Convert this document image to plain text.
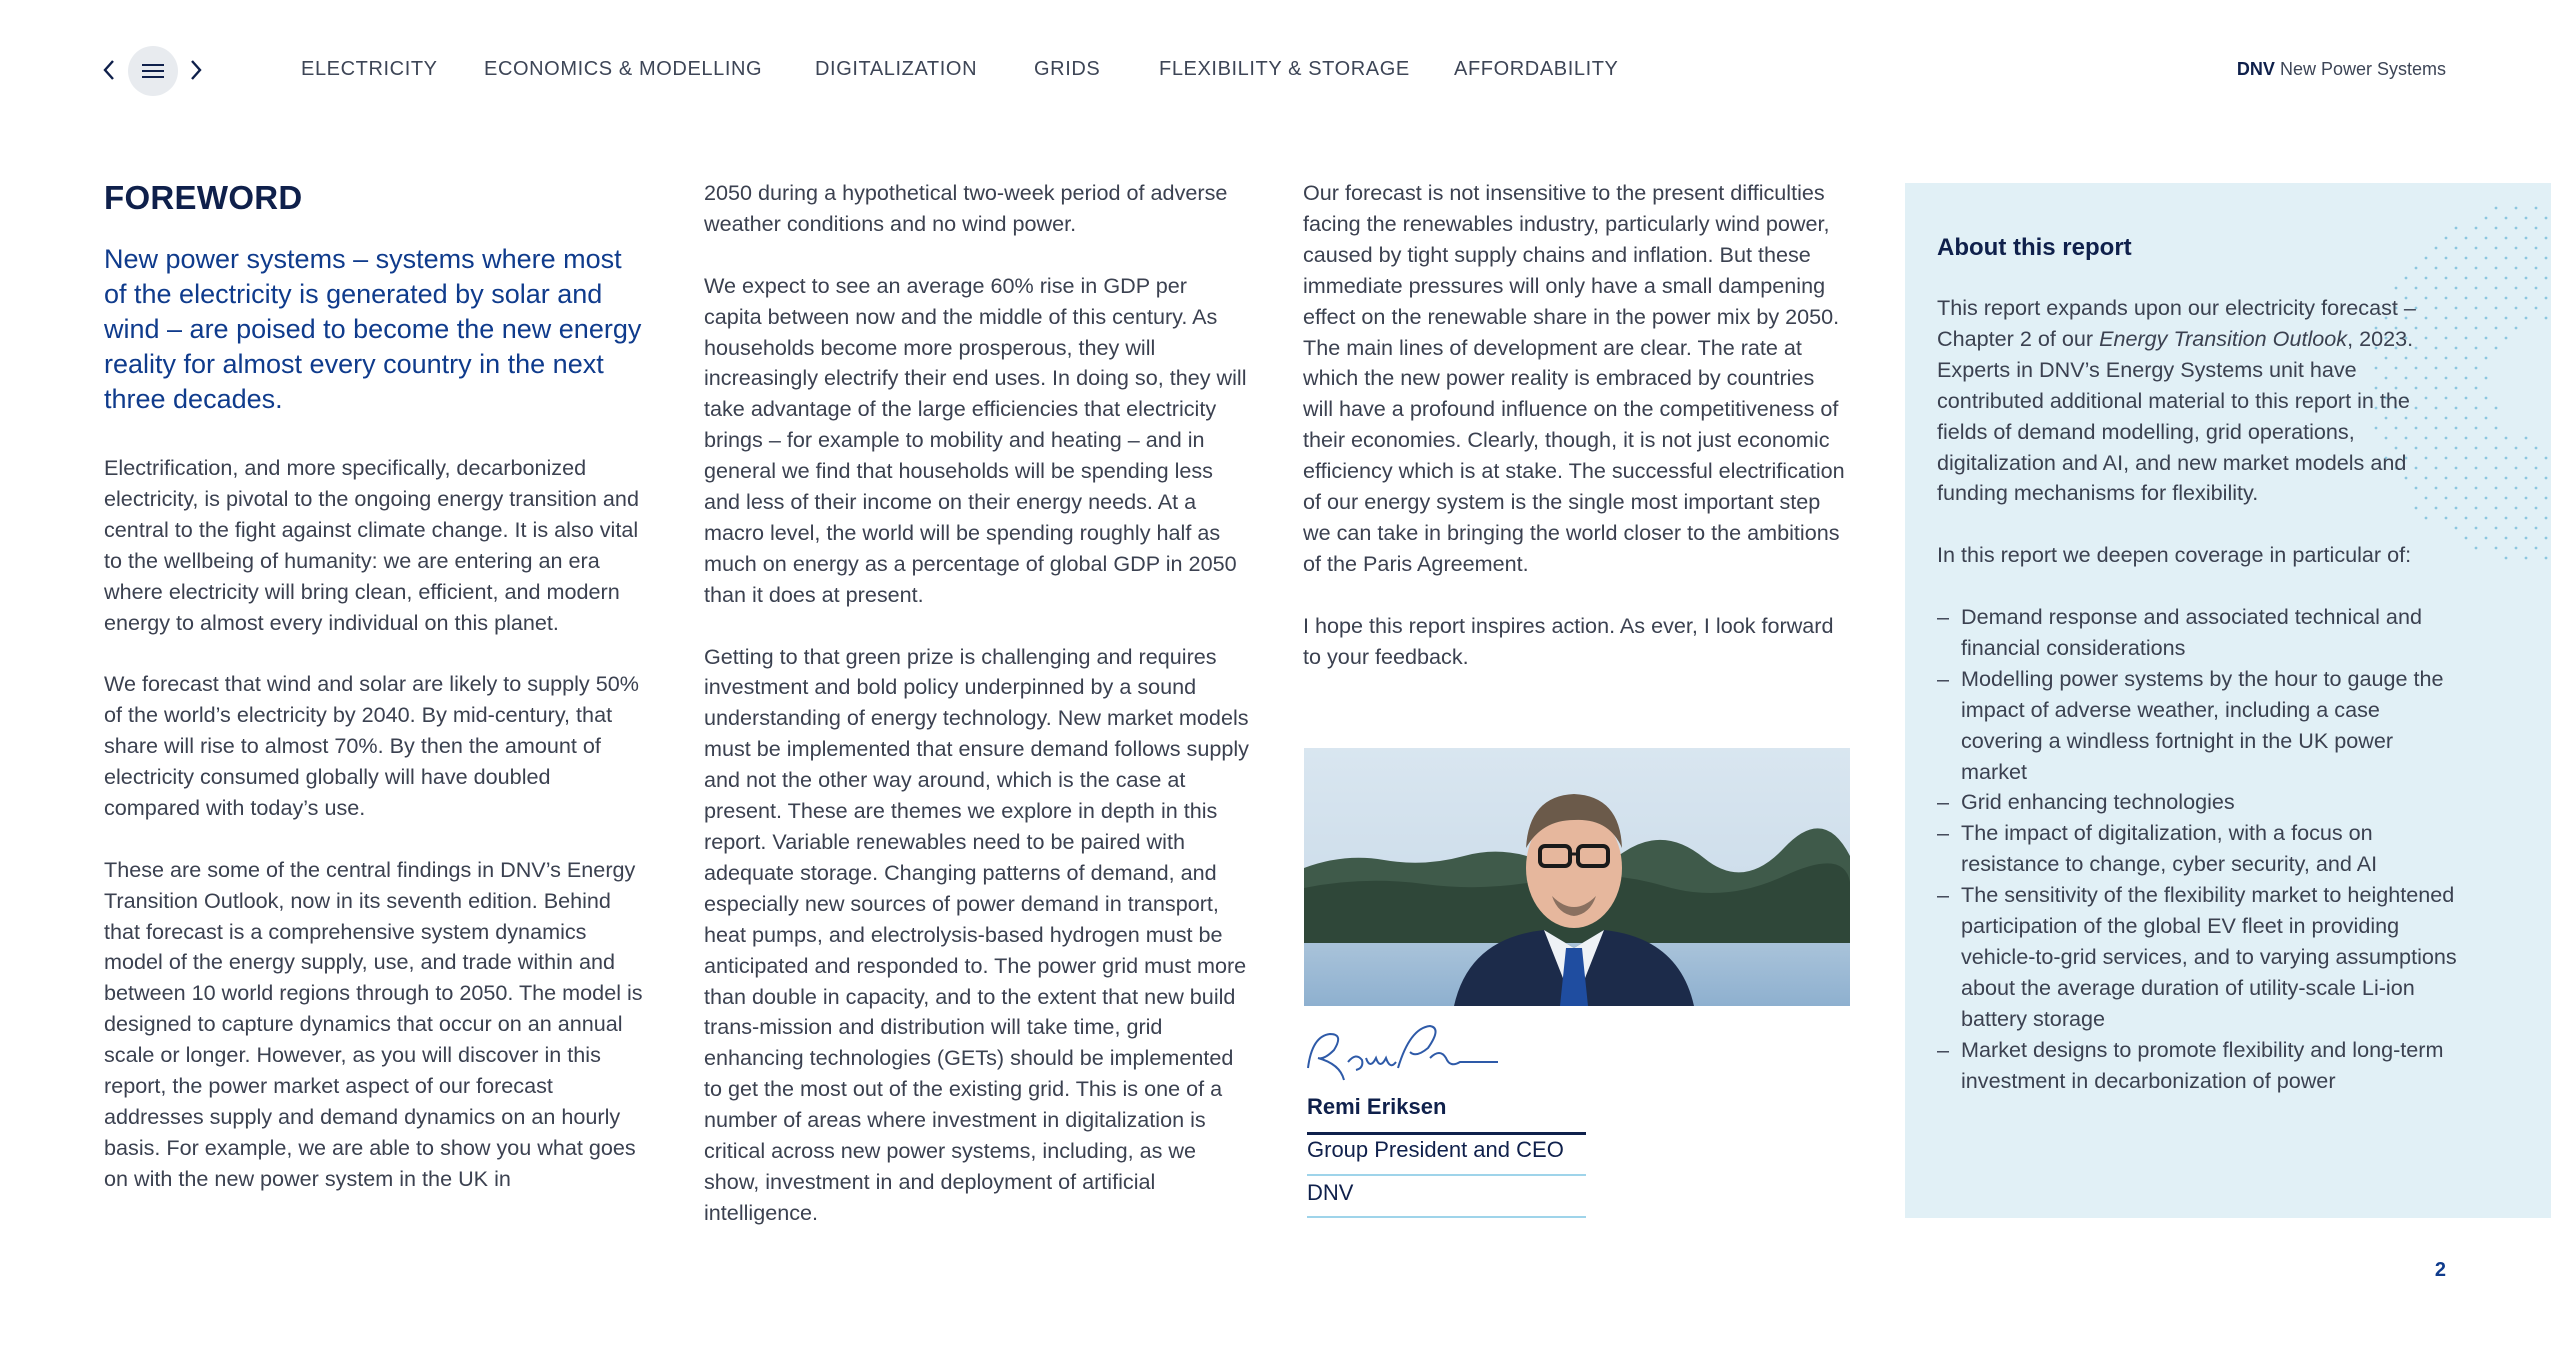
ELECTRICITY ECONOMICS & MODELLING	DIGITALIZATION	GRIDS	FLEXIBILITY & STORAGE AFFORDABILITY	DNV New Power Systems
FOREWORD
New power systems – systems where most of the electricity is generated by solar and wind – are poised to become the new energy reality for almost every country in the next three decades.

Electrification, and more specifically, decarbonized electricity, is pivotal to the ongoing energy transition and central to the fight against climate change. It is also vital to the wellbeing of humanity: we are entering an era where electricity will bring clean, efficient, and modern energy to almost every individual on this planet.

We forecast that wind and solar are likely to supply 50% of the world’s electricity by 2040. By mid-century, that share will rise to almost 70%. By then the amount of electricity consumed globally will have doubled compared with today’s use.

These are some of the central findings in DNV’s Energy Transition Outlook, now in its seventh edition. Behind that forecast is a comprehensive system dynamics model of the energy supply, use, and trade within and between 10 world regions through to 2050. The model is designed to capture dynamics that occur on an annual scale or longer. However, as you will discover in this report, the power market aspect of our forecast addresses supply and demand dynamics on an hourly basis. For example, we are able to show you what goes on with the new power system in the UK in

2050 during a hypothetical two-week period of adverse weather conditions and no wind power.

We expect to see an average 60% rise in GDP per capita between now and the middle of this century. As households become more prosperous, they will increasingly electrify their end uses. In doing so, they will take advantage of the large efficiencies that electricity brings – for example to mobility and heating – and in general we find that households will be spending less and less of their income on their energy needs. At a macro level, the world will be spending roughly half as much on energy as a percentage of global GDP in 2050 than it does at present.

Getting to that green prize is challenging and requires investment and bold policy underpinned by a sound understanding of energy technology. New market models must be implemented that ensure demand follows supply and not the other way around, which is the case at present. These are themes we explore in depth in this report. Variable renewables need to be paired with adequate storage. Changing patterns of demand, and especially new sources of power demand in transport, heat pumps, and electrolysis-based hydrogen must be anticipated and responded to. The power grid must more than double in capacity, and to the extent that new build trans-mission and distribution will take time, grid enhancing technologies (GETs) should be implemented to get the most out of the existing grid. This is one of a number of areas where investment in digitalization is critical across new power systems, including, as we show, investment in and deployment of artificial intelligence.

Our forecast is not insensitive to the present difficulties facing the renewables industry, particularly wind power, caused by tight supply chains and inflation. But these immediate pressures will only have a small dampening effect on the renewable share in the power mix by 2050. The main lines of development are clear. The rate at which the new power reality is embraced by countries will have a profound influence on the competitiveness of their economies. Clearly, though, it is not just economic efficiency which is at stake. The successful electrification of our energy system is the single most important step we can take in bringing the world closer to the ambitions of the Paris Agreement.

I hope this report inspires action. As ever, I look forward to your feedback.

Remi Eriksen
Group President and CEO
DNV
About this report

This report expands upon our electricity forecast – Chapter 2 of our Energy Transition Outlook, 2023. Experts in DNV’s Energy Systems unit have contributed additional material to this report in the fields of demand modelling, grid operations, digitalization and AI, and new market models and funding mechanisms for flexibility.

In this report we deepen coverage in particular of:

– Demand response and associated technical and financial considerations
– Modelling power systems by the hour to gauge the impact of adverse weather, including a case covering a windless fortnight in the UK power market
– Grid enhancing technologies
– The impact of digitalization, with a focus on resistance to change, cyber security, and AI
– The sensitivity of the flexibility market to heightened participation of the global EV fleet in providing vehicle-to-grid services, and to varying assumptions about the average duration of utility-scale Li-ion battery storage
– Market designs to promote flexibility and long-term investment in decarbonization of power
2
